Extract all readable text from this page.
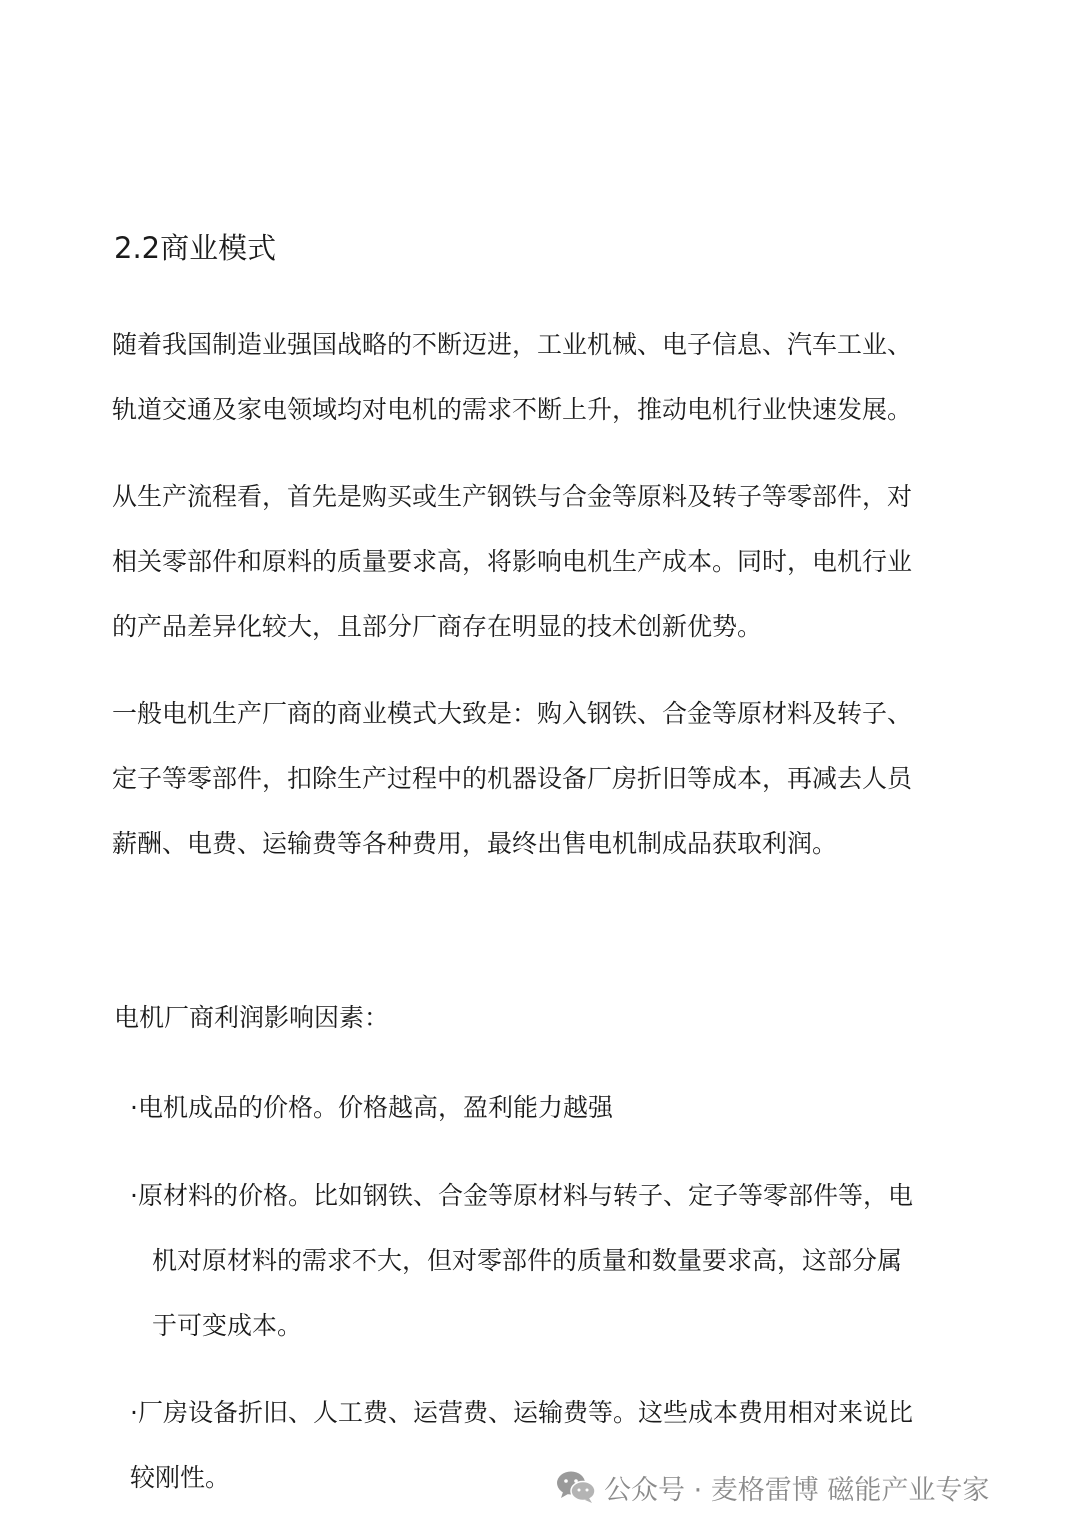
2.2商业模式

随着我国制造业强国战略的不断迈进，工业机械、电子信息、汽车工业、
轨道交通及家电领域均对电机的需求不断上升，推动电机行业快速发展。

从生产流程看，首先是购买或生产钢铁与合金等原料及转子等零部件，对
相关零部件和原料的质量要求高，将影响电机生产成本。同时，电机行业
的产品差异化较大，且部分厂商存在明显的技术创新优势。

一般电机生产厂商的商业模式大致是：购入钢铁、合金等原材料及转子、
定子等零部件，扣除生产过程中的机器设备厂房折旧等成本，再减去人员
薪酬、电费、运输费等各种费用，最终出售电机制成品获取利润。

电机厂商利润影响因素：

·电机成品的价格。价格越高，盈利能力越强

·原材料的价格。比如钢铁、合金等原材料与转子、定子等零部件等，电
机对原材料的需求不大，但对零部件的质量和数量要求高，这部分属
于可变成本。

·厂房设备折旧、人工费、运营费、运输费等。这些成本费用相对来说比
较刚性。	公众号 · 麦格雷博 磁能产业专家
